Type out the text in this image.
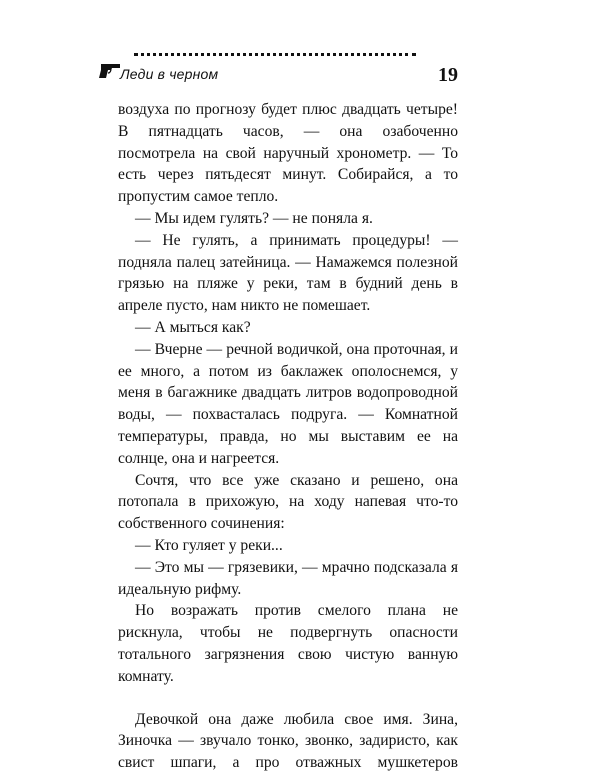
Леди в черном	19

воздуха по прогнозу будет плюс двадцать четыре! В пятнадцать часов, — она озабоченно посмотрела на свой наручный хронометр. — То есть через пятьдесят минут. Собирайся, а то пропустим самое тепло.

— Мы идем гулять? — не поняла я.

— Не гулять, а принимать процедуры! — подняла палец затейница. — Намажемся полезной грязью на пляже у реки, там в будний день в апреле пусто, нам никто не помешает.

— А мыться как?

— Вчерне — речной водичкой, она проточная, и ее много, а потом из баклажек ополоснемся, у меня в багажнике двадцать литров водопроводной воды, — похвасталась подруга. — Комнатной температуры, правда, но мы выставим ее на солнце, она и нагреется.

Сочтя, что все уже сказано и решено, она потопала в прихожую, на ходу напевая что-то собственного сочинения:

— Кто гуляет у реки...

— Это мы — грязевики, — мрачно подсказала я идеальную рифму.

Но возражать против смелого плана не рискнула, чтобы не подвергнуть опасности тотального загрязнения свою чистую ванную комнату.

Девочкой она даже любила свое имя. Зина, Зиночка — звучало тонко, звонко, задиристо, как свист шпаги, а про отважных мушкетеров
